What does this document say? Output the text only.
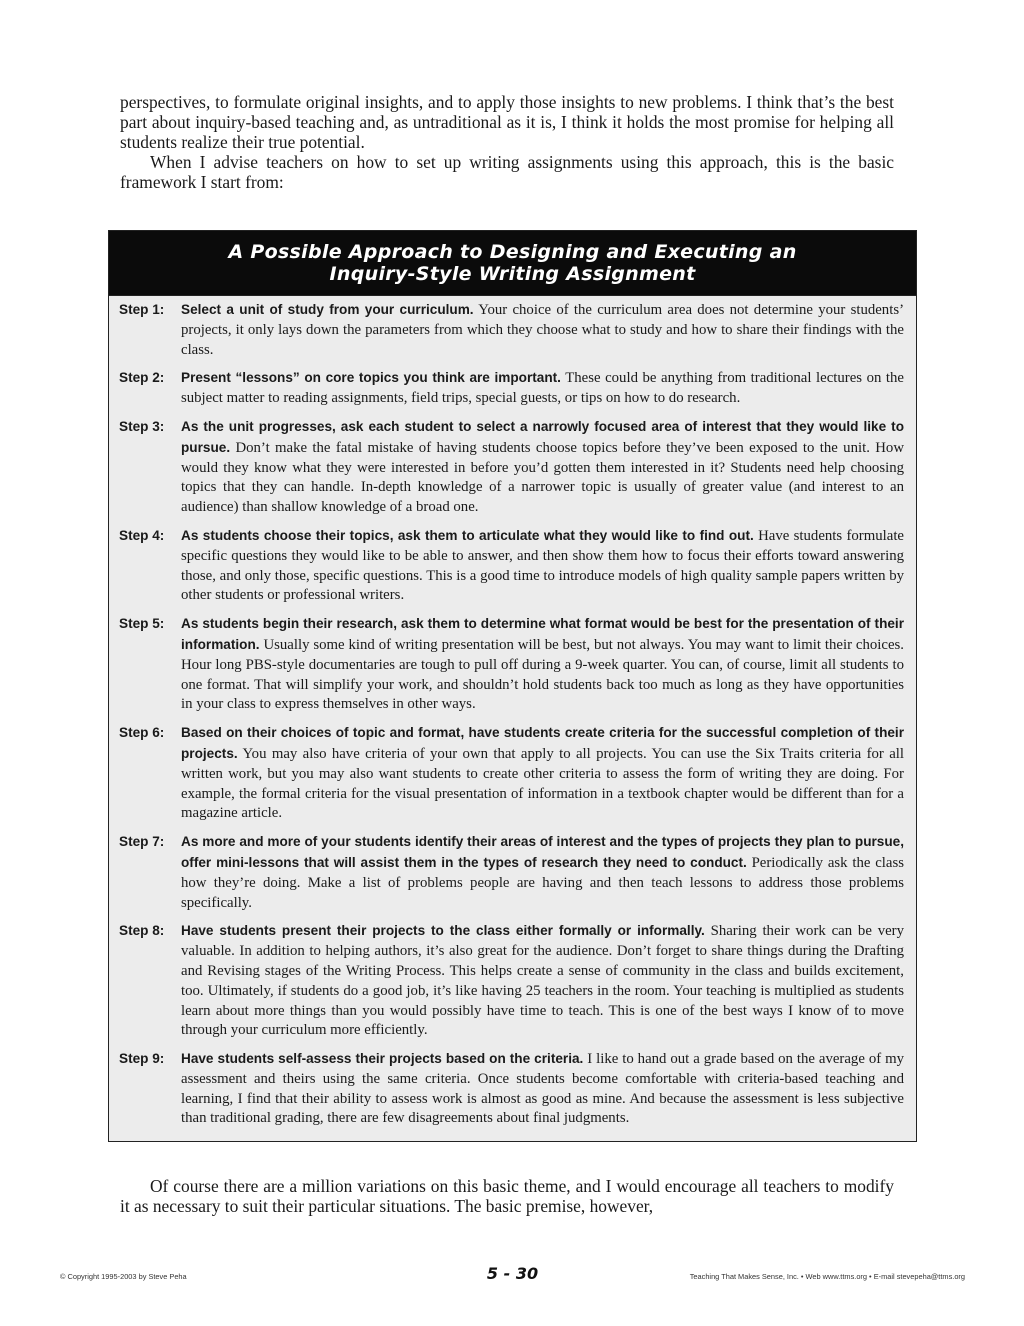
perspectives, to formulate original insights, and to apply those insights to new problems. I think that’s the best part about inquiry-based teaching and, as untraditional as it is, I think it holds the most promise for helping all students realize their true potential.

When I advise teachers on how to set up writing assignments using this approach, this is the basic framework I start from:

A Possible Approach to Designing and Executing an
Inquiry-Style Writing Assignment
Step 1:	Select a unit of study from your curriculum. Your choice of the curriculum area does not determine your students’ projects, it only lays down the parameters from which they choose what to study and how to share their findings with the class.
Step 2:	Present “lessons” on core topics you think are important. These could be anything from traditional lectures on the subject matter to reading assignments, field trips, special guests, or tips on how to do research.
Step 3:	As the unit progresses, ask each student to select a narrowly focused area of interest that they would like to pursue. Don’t make the fatal mistake of having students choose topics before they’ve been exposed to the unit. How would they know what they were interested in before you’d gotten them interested in it? Students need help choosing topics that they can handle. In-depth knowledge of a narrower topic is usually of greater value (and interest to an audience) than shallow knowledge of a broad one.
Step 4:	As students choose their topics, ask them to articulate what they would like to find out. Have students formulate specific questions they would like to be able to answer, and then show them how to focus their efforts toward answering those, and only those, specific questions. This is a good time to introduce models of high quality sample papers written by other students or professional writers.
Step 5:	As students begin their research, ask them to determine what format would be best for the presentation of their information. Usually some kind of writing presentation will be best, but not always. You may want to limit their choices. Hour long PBS-style documentaries are tough to pull off during a 9-week quarter. You can, of course, limit all students to one format. That will simplify your work, and shouldn’t hold students back too much as long as they have opportunities in your class to express themselves in other ways.
Step 6:	Based on their choices of topic and format, have students create criteria for the successful completion of their projects. You may also have criteria of your own that apply to all projects. You can use the Six Traits criteria for all written work, but you may also want students to create other criteria to assess the form of writing they are doing. For example, the formal criteria for the visual presentation of information in a textbook chapter would be different than for a magazine article.
Step 7:	As more and more of your students identify their areas of interest and the types of projects they plan to pursue, offer mini-lessons that will assist them in the types of research they need to conduct. Periodically ask the class how they’re doing. Make a list of problems people are having and then teach lessons to address those problems specifically.
Step 8:	Have students present their projects to the class either formally or informally. Sharing their work can be very valuable. In addition to helping authors, it’s also great for the audience. Don’t forget to share things during the Drafting and Revising stages of the Writing Process. This helps create a sense of community in the class and builds excitement, too. Ultimately, if students do a good job, it’s like having 25 teachers in the room. Your teaching is multiplied as students learn about more things than you would possibly have time to teach. This is one of the best ways I know of to move through your curriculum more efficiently.
Step 9:	Have students self-assess their projects based on the criteria. I like to hand out a grade based on the average of my assessment and theirs using the same criteria. Once students become comfortable with criteria-based teaching and learning, I find that their ability to assess work is almost as good as mine. And because the assessment is less subjective than traditional grading, there are few disagreements about final judgments.

Of course there are a million variations on this basic theme, and I would encourage all teachers to modify it as necessary to suit their particular situations. The basic premise, however,

© Copyright 1995-2003 by Steve Peha	5 - 30	Teaching That Makes Sense, Inc. • Web www.ttms.org • E-mail stevepeha@ttms.org
